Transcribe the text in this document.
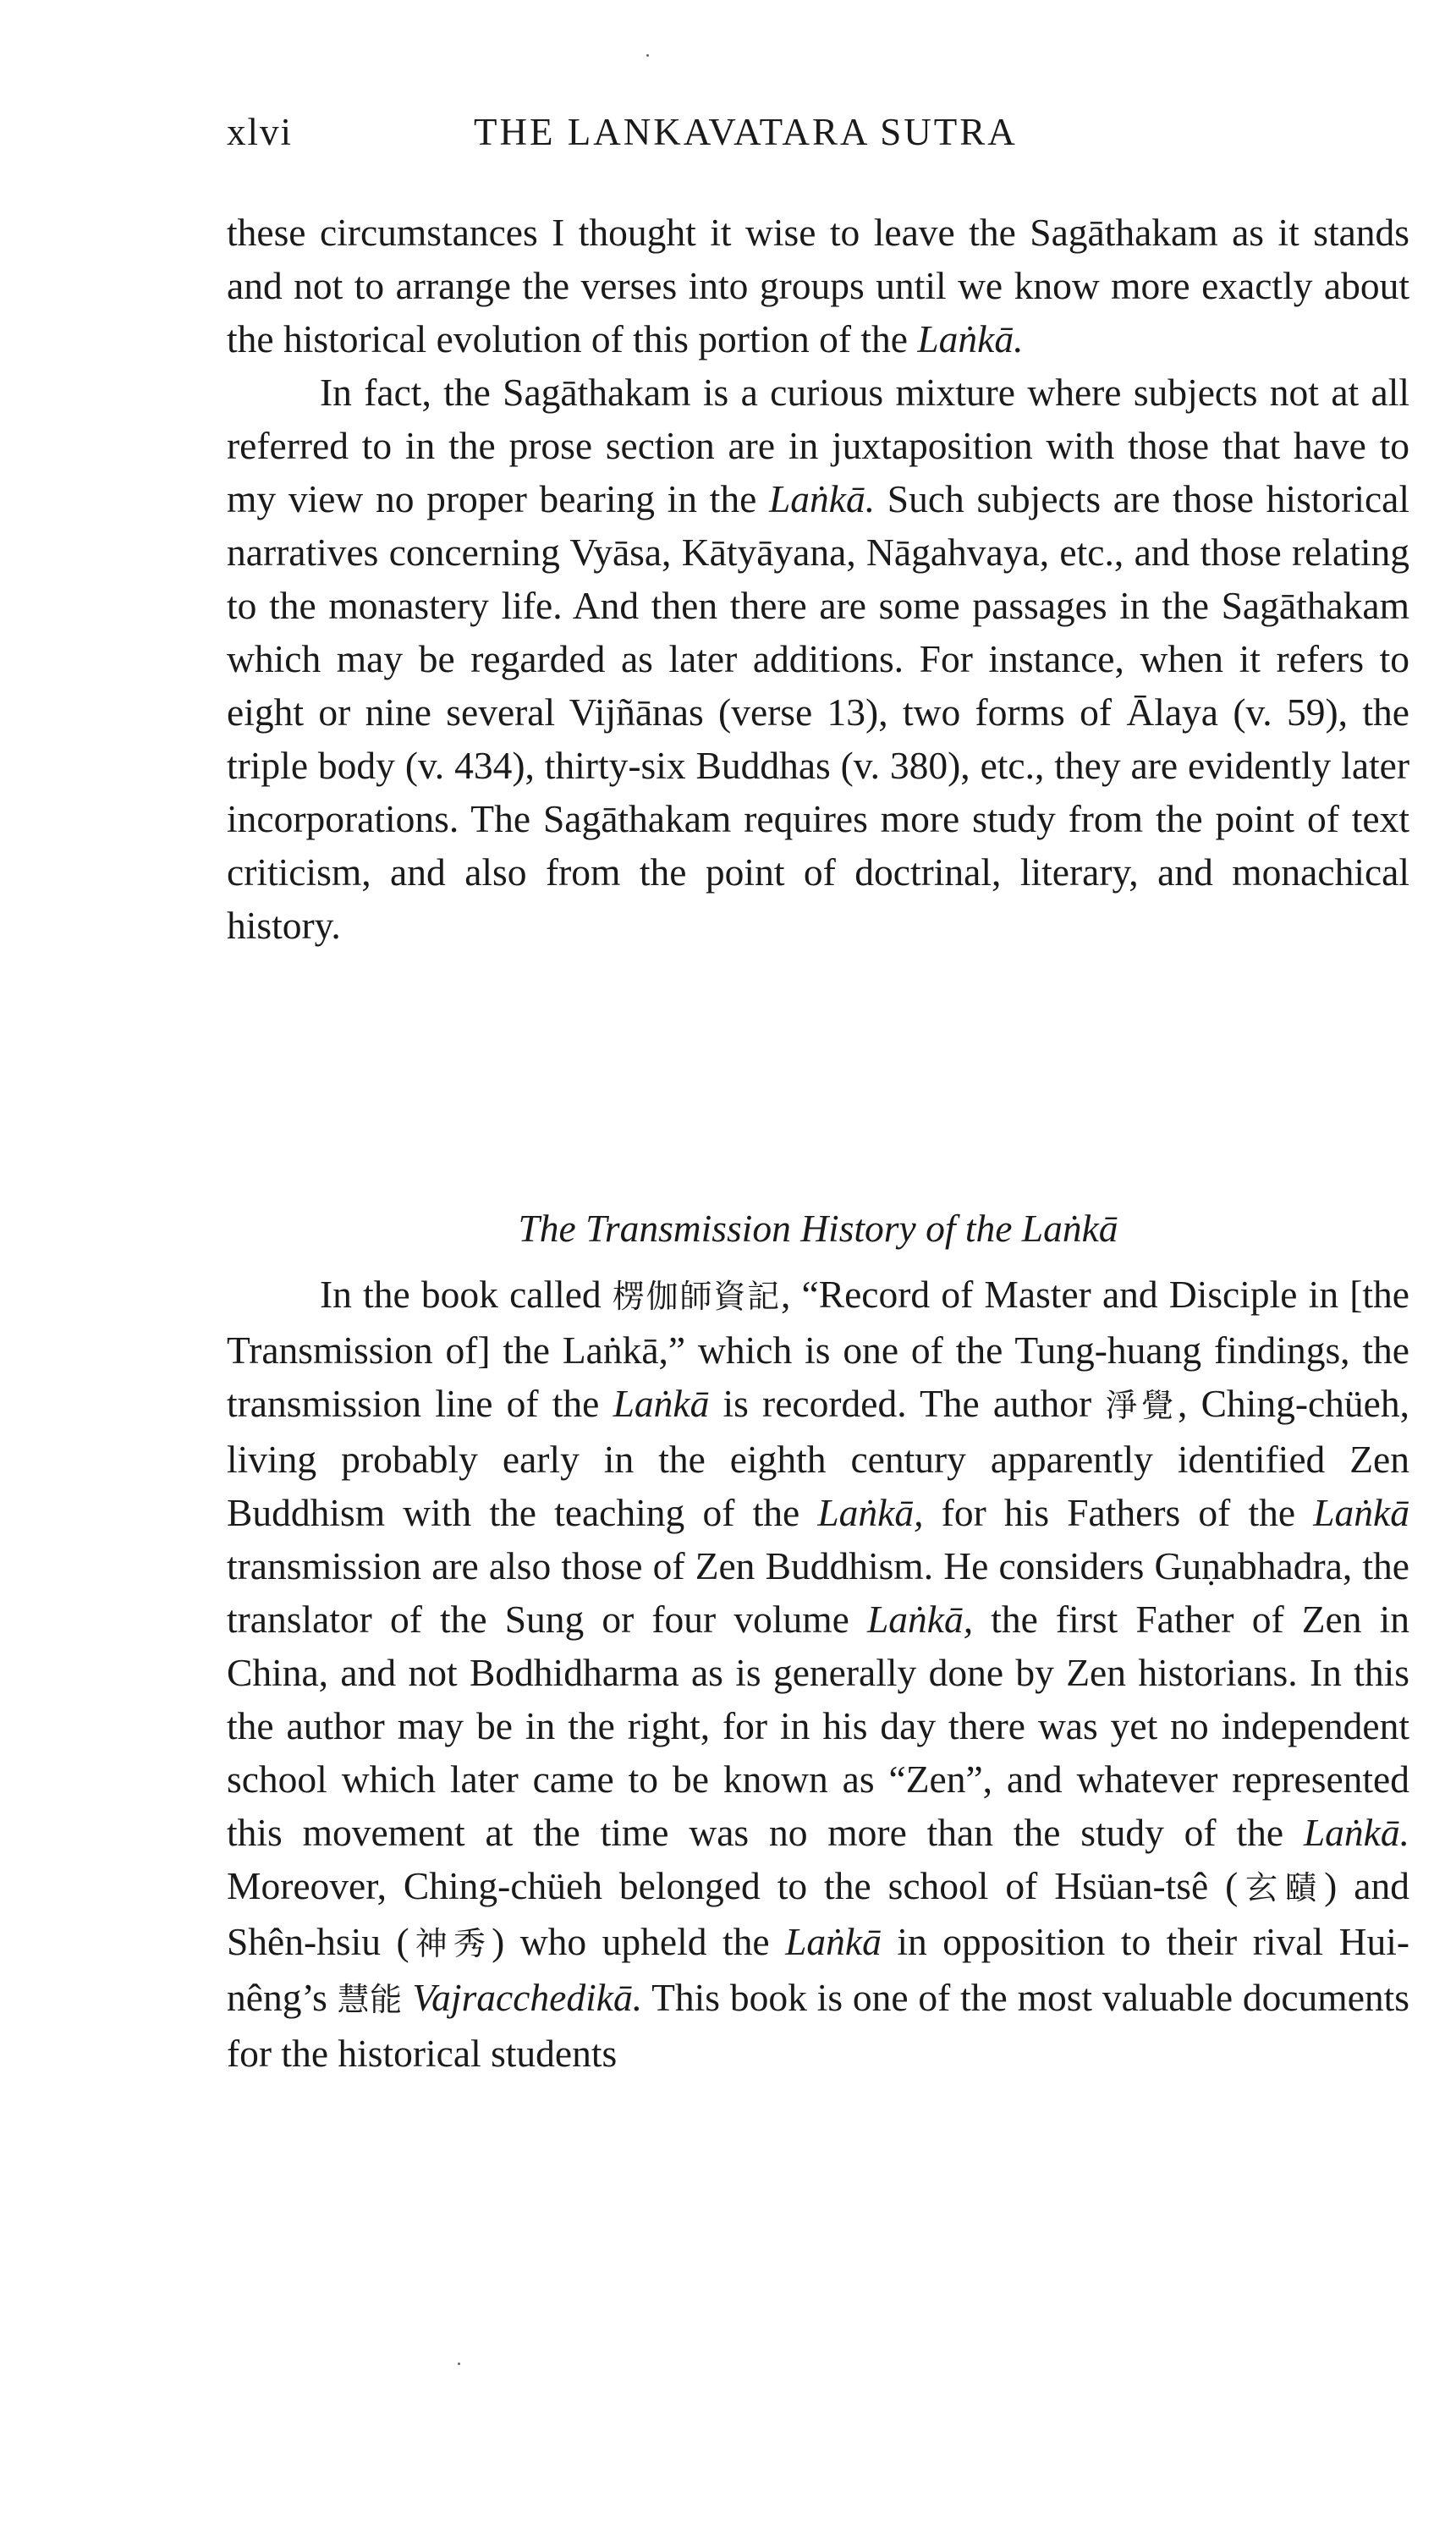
xlvi	THE LANKAVATARA SUTRA

these circumstances I thought it wise to leave the Sagāthakam as it stands and not to arrange the verses into groups until we know more exactly about the historical evolution of this portion of the Laṅkā.

In fact, the Sagāthakam is a curious mixture where subjects not at all referred to in the prose section are in juxtaposition with those that have to my view no proper bearing in the Laṅkā. Such subjects are those historical narratives concerning Vyāsa, Kātyāyana, Nāgahvaya, etc., and those relating to the monastery life. And then there are some passages in the Sagāthakam which may be regarded as later additions. For instance, when it refers to eight or nine several Vijñānas (verse 13), two forms of Ālaya (v. 59), the triple body (v. 434), thirty-six Buddhas (v. 380), etc., they are evidently later incorporations. The Sagāthakam requires more study from the point of text criticism, and also from the point of doctrinal, literary, and monachical history.

The Transmission History of the Laṅkā

In the book called 楞伽師資記, “Record of Master and Disciple in [the Transmission of] the Laṅkā,” which is one of the Tung-huang findings, the transmission line of the Laṅkā is recorded. The author 淨覺, Ching-chüeh, living probably early in the eighth century apparently identified Zen Buddhism with the teaching of the Laṅkā, for his Fathers of the Laṅkā transmission are also those of Zen Buddhism. He considers Guṇabhadra, the translator of the Sung or four volume Laṅkā, the first Father of Zen in China, and not Bodhidharma as is generally done by Zen historians. In this the author may be in the right, for in his day there was yet no independent school which later came to be known as “Zen”, and whatever represented this movement at the time was no more than the study of the Laṅkā. Moreover, Ching-chüeh belonged to the school of Hsüan-tsê (玄賾) and Shên-hsiu (神秀) who upheld the Laṅkā in opposition to their rival Hui-nêng’s 慧能 Vajracchedikā. This book is one of the most valuable documents for the historical students
